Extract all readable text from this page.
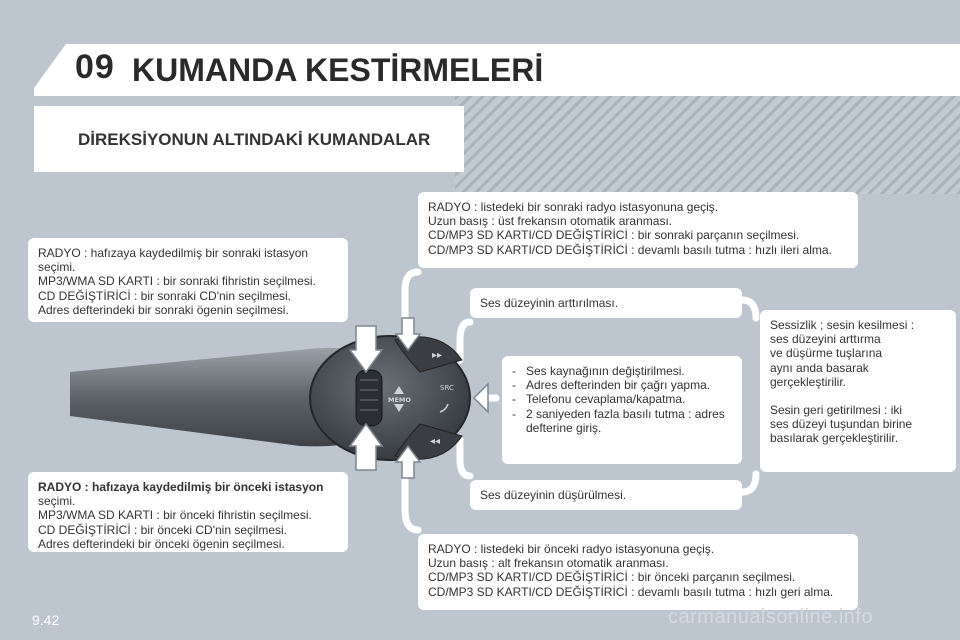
09 KUMANDA KESTİRMELERİ
DİREKSİYONUN ALTINDAKİ KUMANDALAR
▸▸
◂◂
MEMO
SRC

RADYO : hafızaya kaydedilmiş bir sonraki istasyon

seçimi.

MP3/WMA SD KARTI : bir sonraki fihristin seçilmesi.

CD DEĞİŞTİRİCİ : bir sonraki CD'nin seçilmesi.

Adres defterindeki bir sonraki ögenin seçilmesi.

RADYO : hafızaya kaydedilmiş bir önceki istasyon

seçimi.

MP3/WMA SD KARTI : bir önceki fihristin seçilmesi.

CD DEĞİŞTİRİCİ : bir önceki CD'nin seçilmesi.

Adres defterindeki bir önceki ögenin seçilmesi.

RADYO : listedeki bir sonraki radyo istasyonuna geçiş.

Uzun basış : üst frekansın otomatik aranması.

CD/MP3 SD KARTI/CD DEĞİŞTİRİCİ : bir sonraki parçanın seçilmesi.

CD/MP3 SD KARTI/CD DEĞİŞTİRİCİ : devamlı basılı tutma : hızlı ileri alma.

RADYO : listedeki bir önceki radyo istasyonuna geçiş.

Uzun basış : alt frekansın otomatik aranması.

CD/MP3 SD KARTI/CD DEĞİŞTİRİCİ : bir önceki parçanın seçilmesi.

CD/MP3 SD KARTI/CD DEĞİŞTİRİCİ : devamlı basılı tutma : hızlı geri alma.

Ses düzeyinin arttırılması.

Ses düzeyinin düşürülmesi.

- Ses kaynağının değiştirilmesi.
- Adres defterinden bir çağrı yapma.
- Telefonu cevaplama/kapatma.
- 2 saniyeden fazla basılı tutma : adres defterine giriş.

Sessizlik ; sesin kesilmesi :

ses düzeyini arttırma

ve düşürme tuşlarına

aynı anda basarak

gerçekleştirilir.

Sesin geri getirilmesi : iki

ses düzeyi tuşundan birine

basılarak gerçekleştirilir.

9.42	carmanualsonline.info
